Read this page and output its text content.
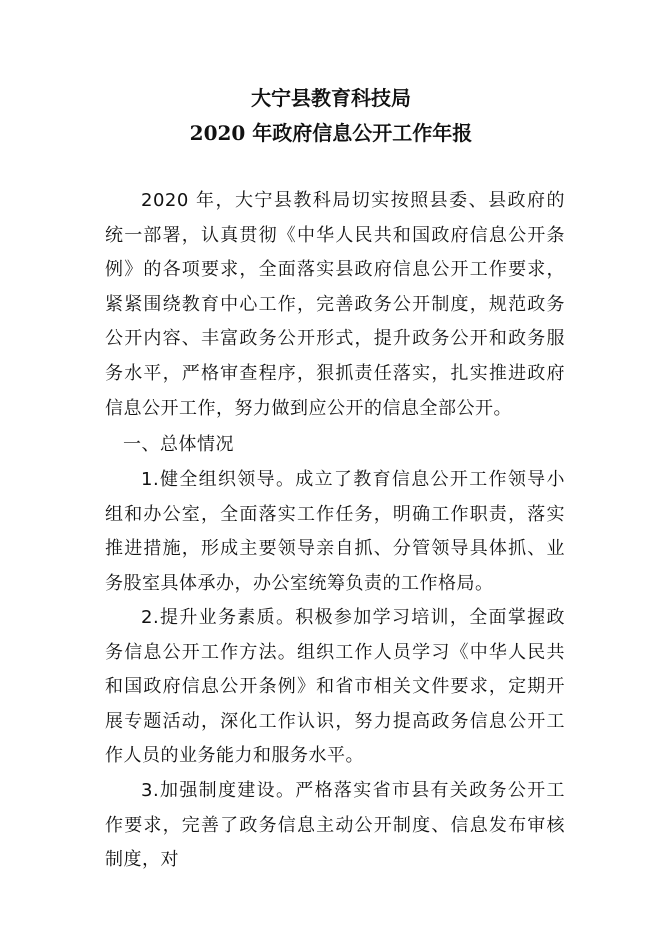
大宁县教育科技局
2020 年政府信息公开工作年报

2020 年，大宁县教科局切实按照县委、县政府的统一部署，认真贯彻《中华人民共和国政府信息公开条例》的各项要求，全面落实县政府信息公开工作要求，紧紧围绕教育中心工作，完善政务公开制度，规范政务公开内容、丰富政务公开形式，提升政务公开和政务服务水平，严格审查程序，狠抓责任落实，扎实推进政府信息公开工作，努力做到应公开的信息全部公开。

一、总体情况

1.健全组织领导。成立了教育信息公开工作领导小组和办公室，全面落实工作任务，明确工作职责，落实推进措施，形成主要领导亲自抓、分管领导具体抓、业务股室具体承办，办公室统筹负责的工作格局。

2.提升业务素质。积极参加学习培训，全面掌握政务信息公开工作方法。组织工作人员学习《中华人民共和国政府信息公开条例》和省市相关文件要求，定期开展专题活动，深化工作认识，努力提高政务信息公开工作人员的业务能力和服务水平。

3.加强制度建设。严格落实省市县有关政务公开工作要求，完善了政务信息主动公开制度、信息发布审核制度，对
